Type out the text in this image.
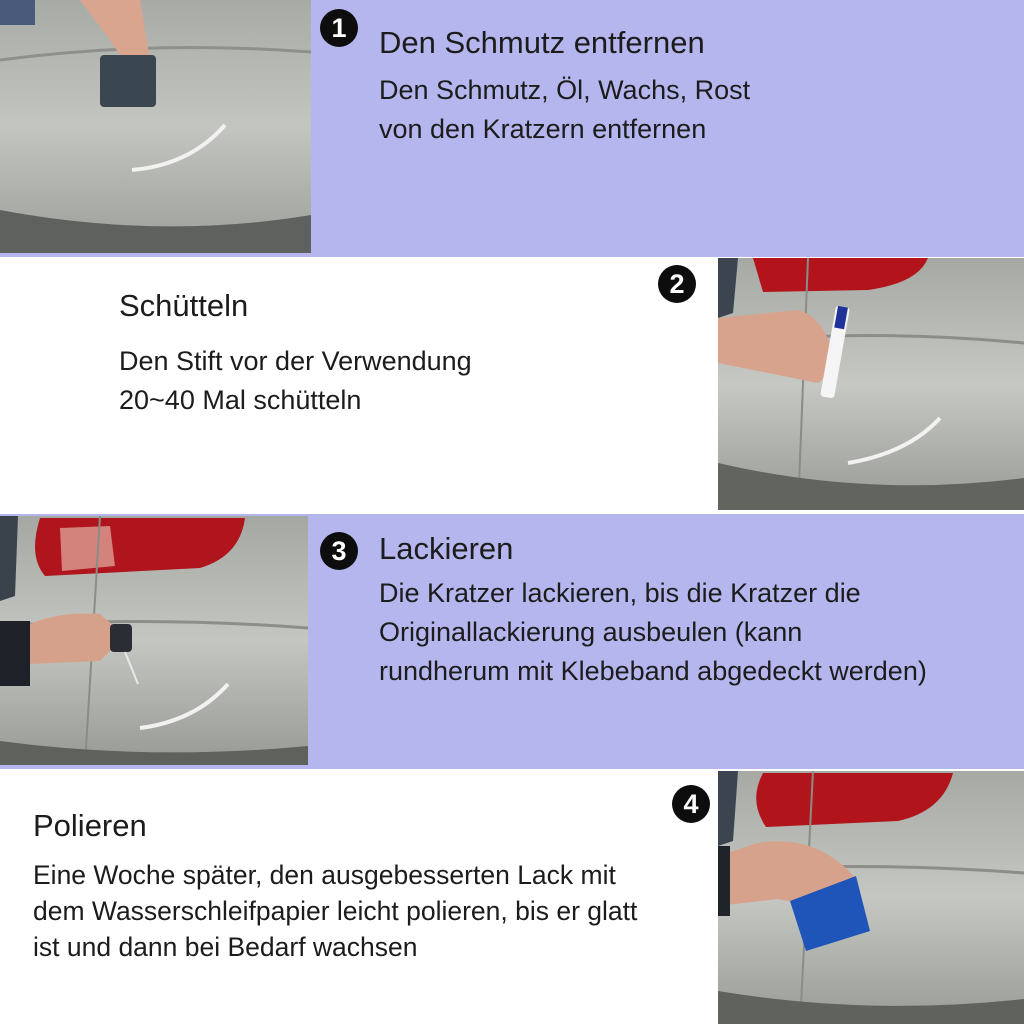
1	Den Schmutz entfernen
Den Schmutz, Öl, Wachs, Rost
von den Kratzern entfernen
2
Schütteln
Den Stift vor der Verwendung
20~40 Mal schütteln
3	Lackieren
Die Kratzer lackieren, bis die Kratzer die
Originallackierung ausbeulen (kann
rundherum mit Klebeband abgedeckt werden)
4
Polieren
Eine Woche später, den ausgebesserten Lack mit
dem Wasserschleifpapier leicht polieren, bis er glatt
ist und dann bei Bedarf wachsen
